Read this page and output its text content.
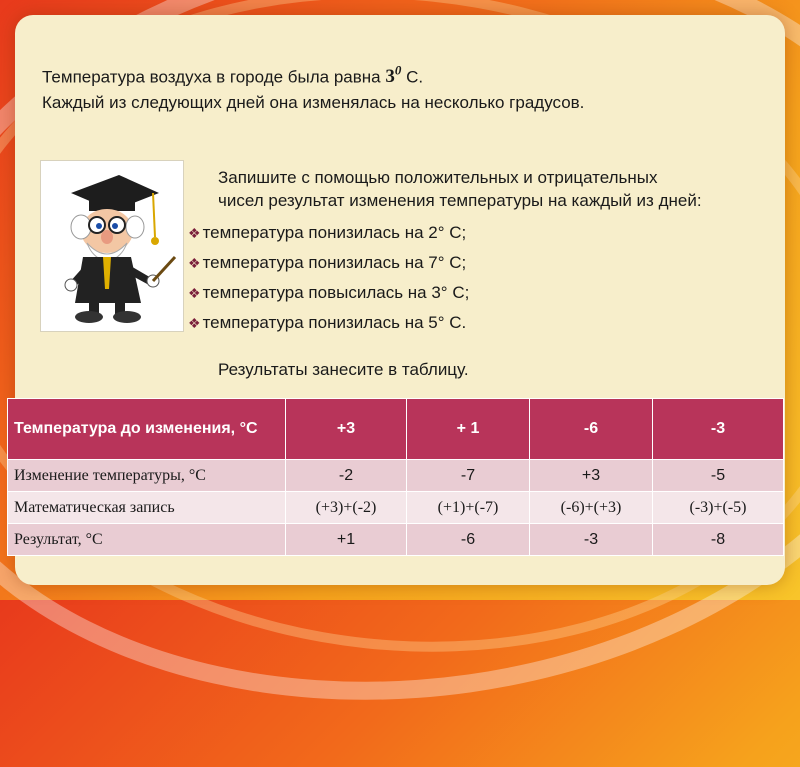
Температура воздуха в городе была равна $3^0$ С.
Каждый из следующих дней она изменялась на несколько градусов.
Запишите с помощью положительных и отрицательных
чисел результат изменения температуры на каждый из дней:
❖ температура понизилась на 2° С;
❖ температура понизилась на 7° С;
❖ температура повысилась на 3° С;
❖ температура понизилась на 5° С.
Результаты занесите в таблицу.
Температура до изменения, °С	+3	+ 1	-6	-3
Изменение температуры, °С	-2	-7	+3	-5
Математическая запись	(+3)+(-2)	(+1)+(-7)	(-6)+(+3)	(-3)+(-5)
Результат, °С	+1	-6	-3	-8
